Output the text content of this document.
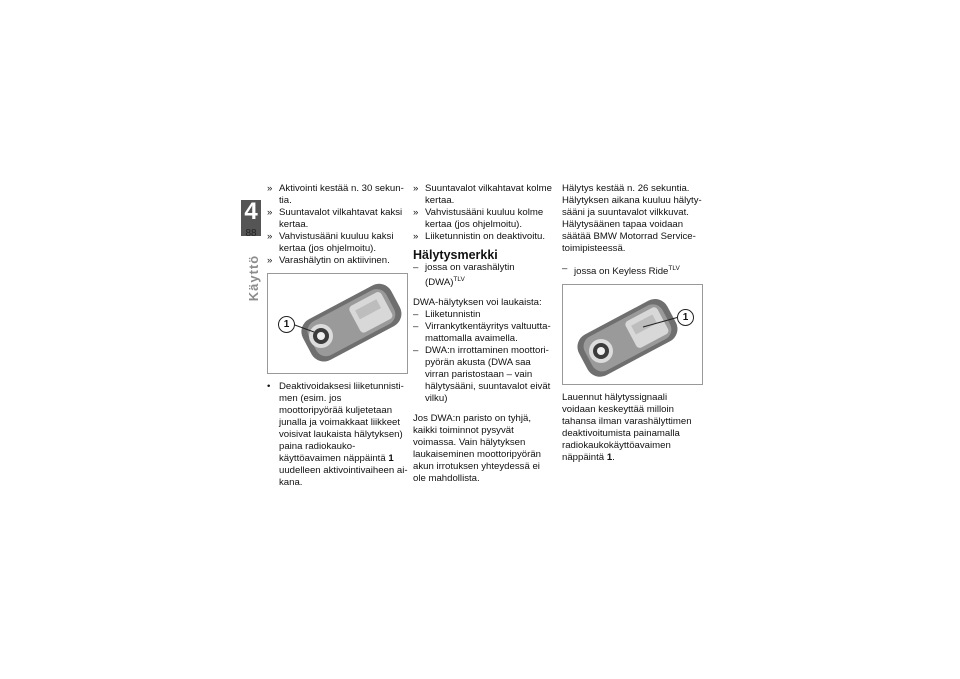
4
88
Käyttö
» Aktivointi kestää n. 30 sekuntia.
» Suuntavalot vilkahtavat kaksi kertaa.
» Vahvistusääni kuuluu kaksi kertaa (jos ohjelmoitu).
» Varashälytin on aktiivinen.
1
• Deaktivoidaksesi liiketunnistimen (esim. jos moottoripyörää kuljetetaan junalla ja voimakkaat liikkeet voisivat laukaista hälytyksen) paina radiokaukokäyttöavaimen näppäintä 1 uudelleen aktivointivaiheen aikana.
» Suuntavalot vilkahtavat kolme kertaa.
» Vahvistusääni kuuluu kolme kertaa (jos ohjelmoitu).
» Liiketunnistin on deaktivoitu.
Hälytysmerkki
– jossa on varashälytin (DWA)$^{TLV}$

DWA-hälytyksen voi laukaista:

– Liiketunnistin
– Virrankytkentäyritys valtuuttamattomalla avaimella.
– DWA:n irrottaminen moottoripyörän akusta (DWA saa virran paristostaan – vain hälytysääni, suuntavalot eivät vilku)

Jos DWA:n paristo on tyhjä, kaikki toiminnot pysyvät voimassa. Vain hälytyksen laukaiseminen moottoripyörän akun irrotuksen yhteydessä ei ole mahdollista.

Hälytys kestää n. 26 sekuntia. Hälytyksen aikana kuuluu hälytysääni ja suuntavalot vilkkuvat. Hälytysäänen tapaa voidaan säätää BMW Motorrad Service-toimipisteessä.

– jossa on Keyless Ride$^{TLV}$
1

Lauennut hälytyssignaali voidaan keskeyttää milloin tahansa ilman varashälyttimen deaktivoitumista painamalla radiokaukokäyttöavaimen näppäintä 1.
